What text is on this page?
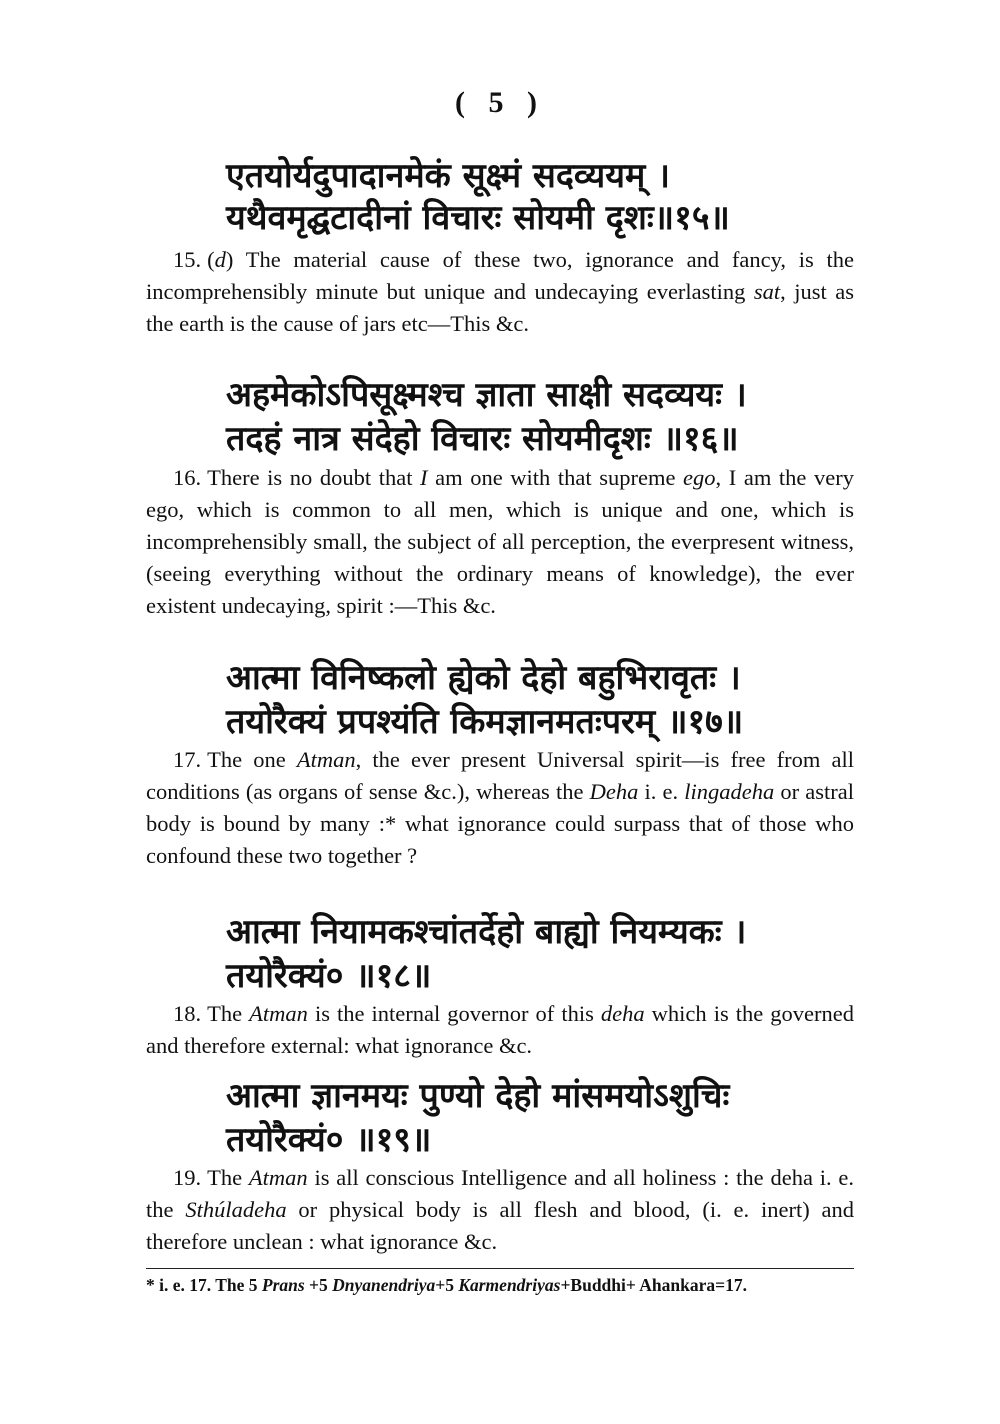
( 5 )
एतयोर्यदुपादानमेकं सूक्ष्मं सदव्ययम् ।
यथैवमृद्घटादीनां विचारः सोयमी दृशः॥१५॥
15. (d) The material cause of these two, ignorance and fancy, is the incomprehensibly minute but unique and undecaying everlasting sat, just as the earth is the cause of jars etc—This &c.
अहमेकोऽपिसूक्ष्मश्च ज्ञाता साक्षी सदव्ययः ।
तदहं नात्र संदेहो विचारः सोयमीदृशः ॥१६॥
16. There is no doubt that I am one with that supreme ego, I am the very ego, which is common to all men, which is unique and one, which is incomprehensibly small, the subject of all perception, the everpresent witness, (seeing everything without the ordinary means of knowledge), the ever existent undecaying, spirit :—This &c.
आत्मा विनिष्कलो ह्येको देहो बहुभिरावृतः ।
तयोरैक्यं प्रपश्यंति किमज्ञानमतःपरम् ॥१७॥
17. The one Atman, the ever present Universal spirit—is free from all conditions (as organs of sense &c.), whereas the Deha i. e. lingadeha or astral body is bound by many :* what ignorance could surpass that of those who confound these two together ?
आत्मा नियामकश्चांतर्देहो बाह्यो नियम्यकः ।
तयोरैक्यं० ॥१८॥
18. The Atman is the internal governor of this deha which is the governed and therefore external: what ignorance &c.
आत्मा ज्ञानमयः पुण्यो देहो मांसमयोऽशुचिः
तयोरैक्यं० ॥१९॥
19. The Atman is all conscious Intelligence and all holiness : the deha i. e. the Sthúladeha or physical body is all flesh and blood, (i. e. inert) and therefore unclean : what ignorance &c.
* i. e. 17. The 5 Prans +5 Dnyanendriya+5 Karmendriyas+Buddhi+ Ahankara=17.
